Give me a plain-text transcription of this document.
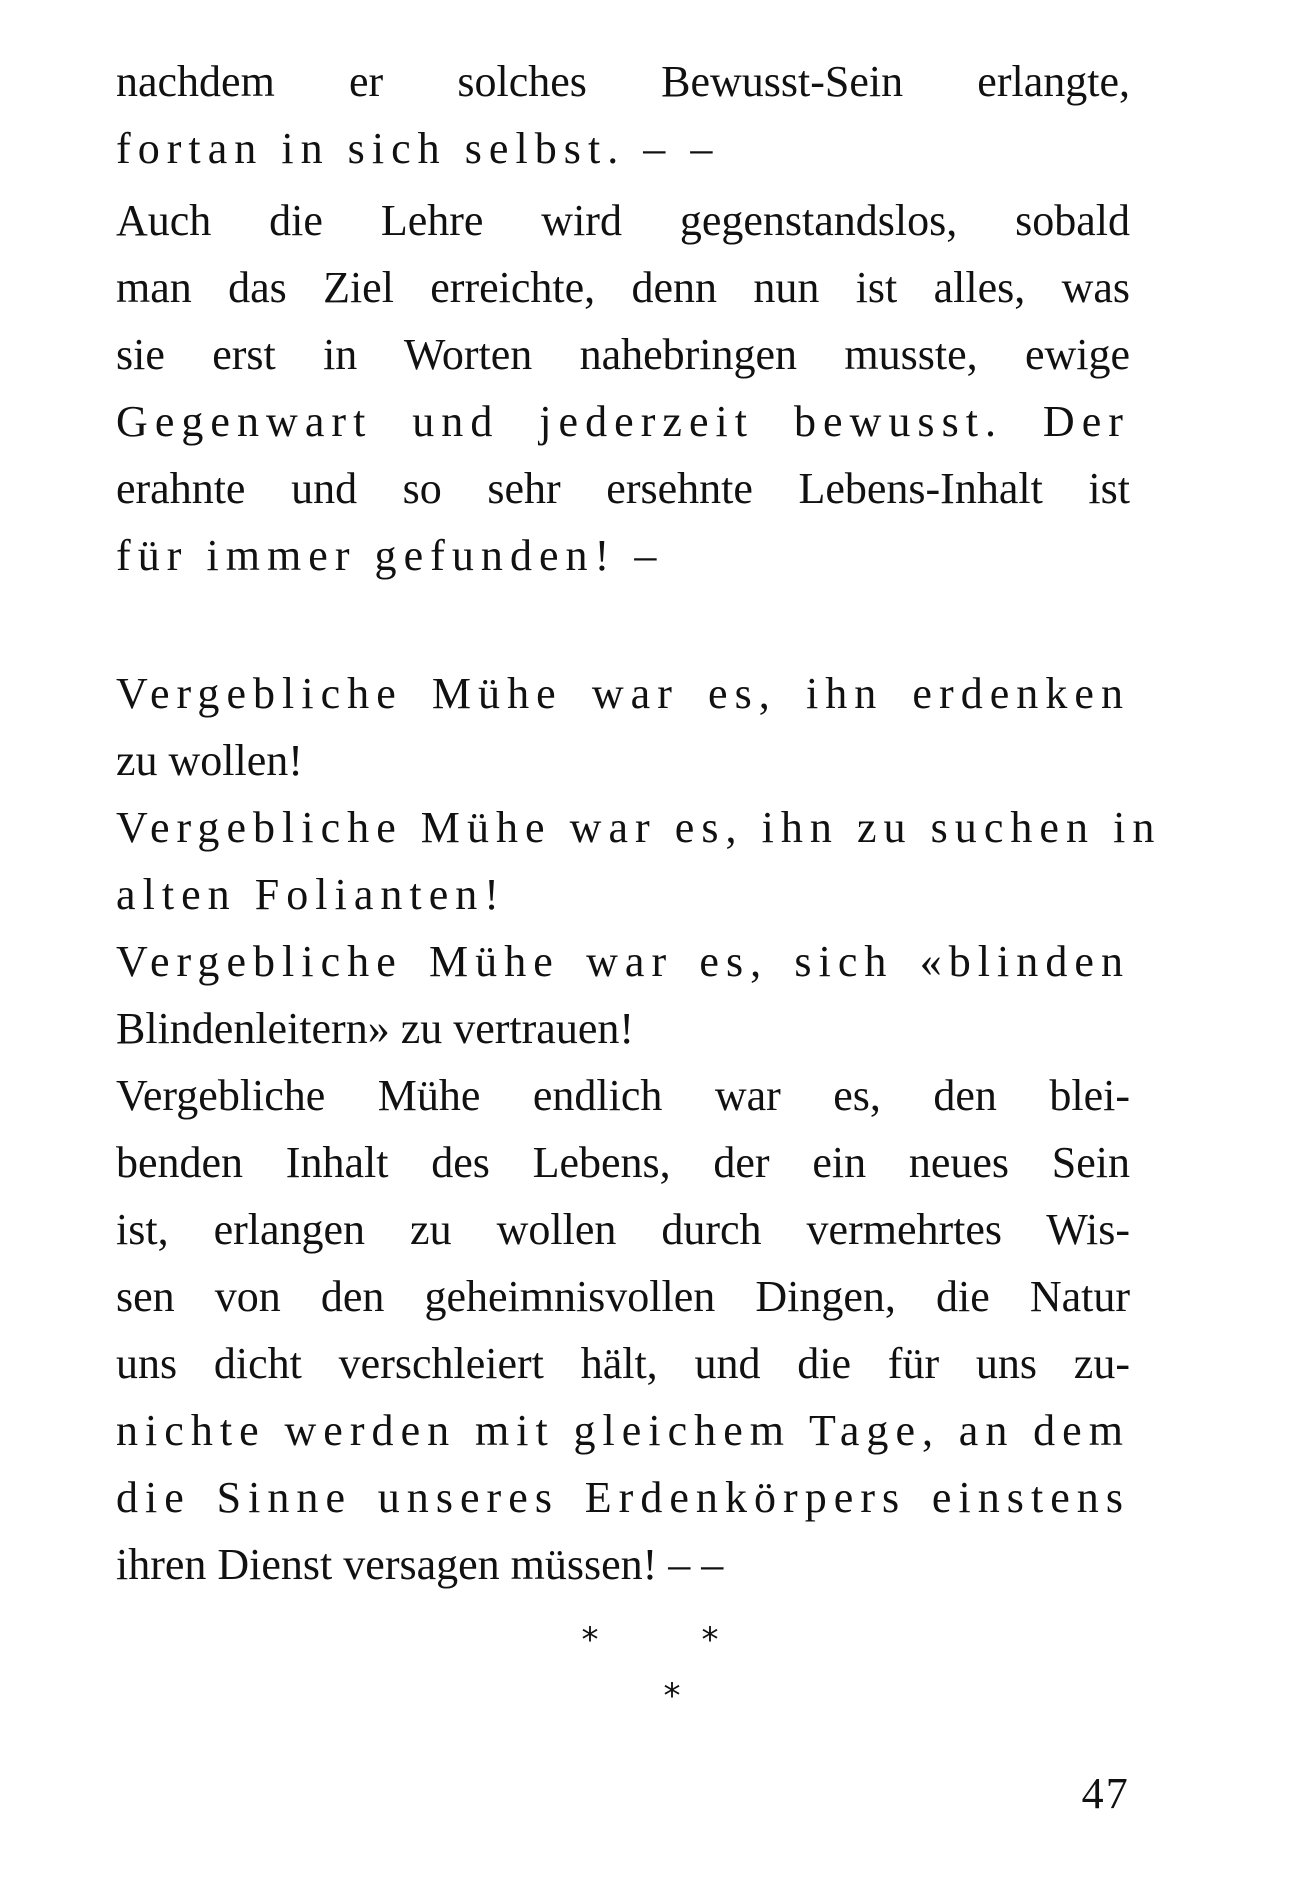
nachdem er solches Bewusst-Sein erlangte,
fortan in sich selbst. – –
Auch die Lehre wird gegenstandslos, sobald
man das Ziel erreichte, denn nun ist alles, was
sie erst in Worten nahebringen musste, ewige
Gegenwart und jederzeit bewusst. Der
erahnte und so sehr ersehnte Lebens-Inhalt ist
für immer gefunden! –
Vergebliche Mühe war es, ihn erdenken
zu wollen!
Vergebliche Mühe war es, ihn zu suchen in
alten Folianten!
Vergebliche Mühe war es, sich «blinden
Blindenleitern» zu vertrauen!
Vergebliche Mühe endlich war es, den blei-
benden Inhalt des Lebens, der ein neues Sein
ist, erlangen zu wollen durch vermehrtes Wis-
sen von den geheimnisvollen Dingen, die Natur
uns dicht verschleiert hält, und die für uns zu-
nichte werden mit gleichem Tage, an dem
die Sinne unseres Erdenkörpers einstens
ihren Dienst versagen müssen! – –
*	*
*
47
